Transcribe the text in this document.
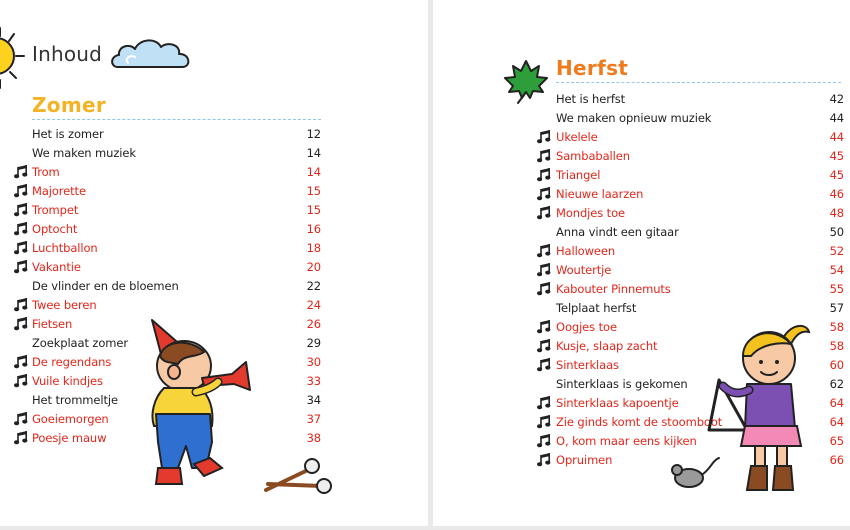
Inhoud
Zomer
Het is zomer	12
We maken muziek	14
Trom	14
Majorette	15
Trompet	15
Optocht	16
Luchtballon	18
Vakantie	20
De vlinder en de bloemen	22
Twee beren	24
Fietsen	26
Zoekplaat zomer	29
De regendans	30
Vuile kindjes	33
Het trommeltje	34
Goeiemorgen	37
Poesje mauw	38
Herfst
Het is herfst	42
We maken opnieuw muziek	44
Ukelele	44
Sambaballen	45
Triangel	45
Nieuwe laarzen	46
Mondjes toe	48
Anna vindt een gitaar	50
Halloween	52
Woutertje	54
Kabouter Pinnemuts	55
Telplaat herfst	57
Oogjes toe	58
Kusje, slaap zacht	58
Sinterklaas	60
Sinterklaas is gekomen	62
Sinterklaas kapoentje	64
Zie ginds komt de stoomboot	64
O, kom maar eens kijken	65
Opruimen	66
